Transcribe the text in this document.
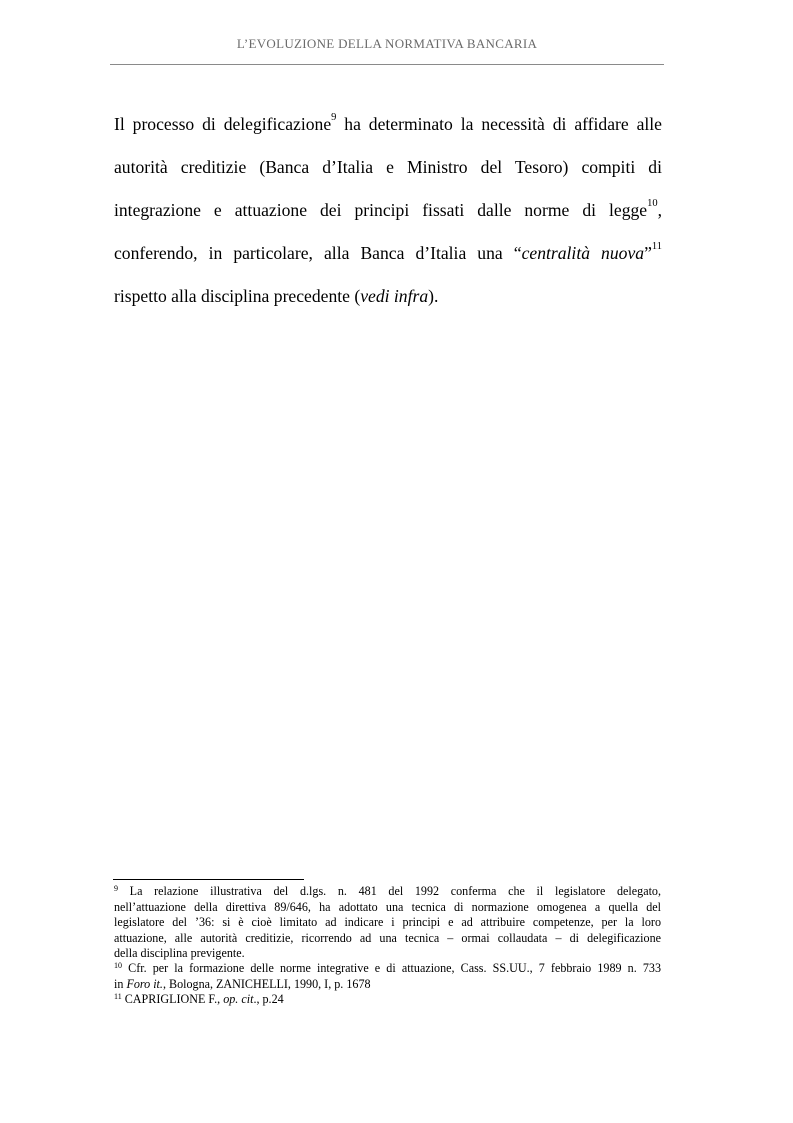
L’EVOLUZIONE DELLA NORMATIVA BANCARIA
Il processo di delegificazione$^9$ ha determinato la necessità di affidare alle
autorità creditizie (Banca d’Italia e Ministro del Tesoro) compiti di
integrazione e attuazione dei principi fissati dalle norme di legge$^{10}$,
conferendo, in particolare, alla Banca d’Italia una “centralità nuova”$^{11}$
rispetto alla disciplina precedente (vedi infra).
$^9$ La relazione illustrativa del d.lgs. n. 481 del 1992 conferma che il legislatore delegato,
nell’attuazione della direttiva 89/646, ha adottato una tecnica di normazione omogenea a quella del
legislatore del ’36: si è cioè limitato ad indicare i principi e ad attribuire competenze, per la loro
attuazione, alle autorità creditizie, ricorrendo ad una tecnica – ormai collaudata – di delegificazione
della disciplina previgente.
$^{10}$ Cfr. per la formazione delle norme integrative e di attuazione, Cass. SS.UU., 7 febbraio 1989 n. 733
in Foro it., Bologna, ZANICHELLI, 1990, I, p. 1678
$^{11}$ CAPRIGLIONE F., op. cit., p.24
